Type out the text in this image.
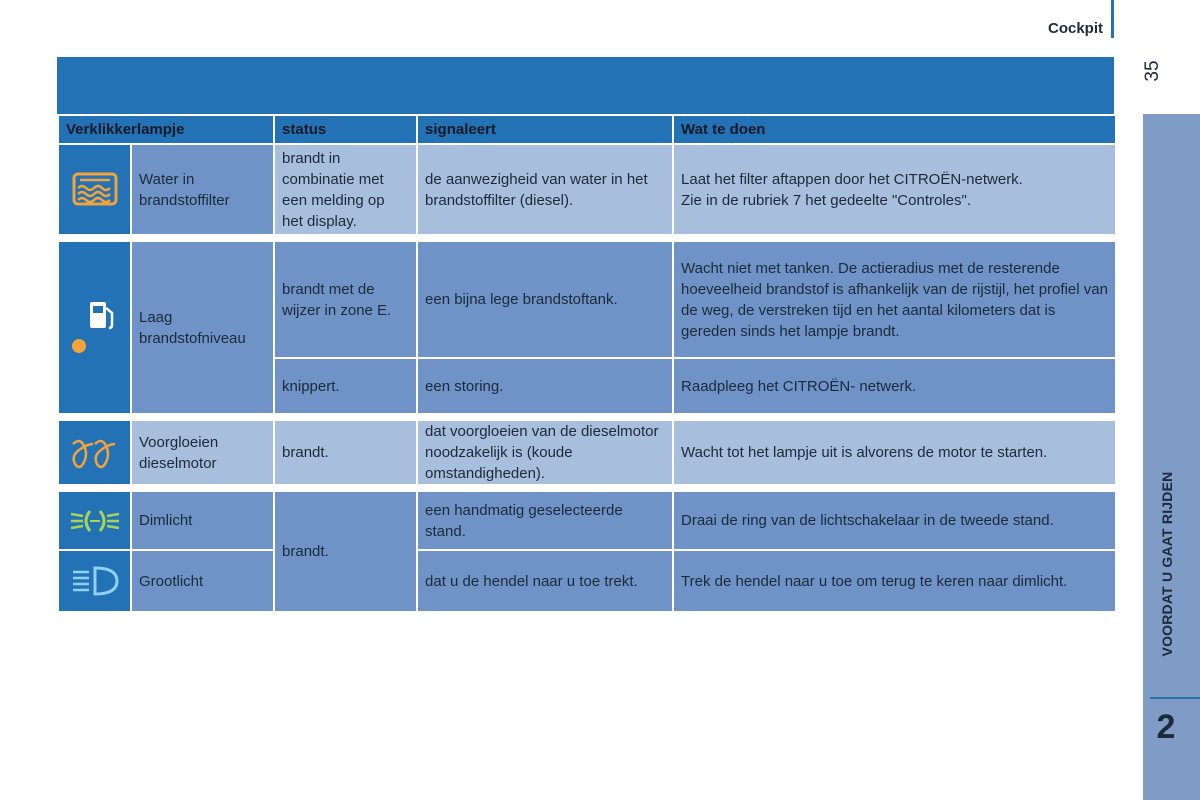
Cockpit
35
VOORDAT U GAAT RIJDEN
2
Verklikkerlampje		status	signaleert	Wat te doen

	Water in brandstoffilter	brandt in combinatie met een melding op het display.	de aanwezigheid van water in het brandstoffilter (diesel).	Laat het filter aftappen door het CITROËN-netwerk.
Zie in de rubriek 7 het gedeelte "Controles".

	Laag brandstofniveau	brandt met de wijzer in zone E.	een bijna lege brandstoftank.	Wacht niet met tanken. De actieradius met de resterende hoeveelheid brandstof is afhankelijk van de rijstijl, het profiel van de weg, de verstreken tijd en het aantal kilometers dat is gereden sinds het lampje brandt.
		knippert.	een storing.	Raadpleeg het CITROËN- netwerk.

	Voorgloeien dieselmotor	brandt.	dat voorgloeien van de dieselmotor noodzakelijk is (koude omstandigheden).	Wacht tot het lampje uit is alvorens de motor te starten.

	Dimlicht	brandt.	een handmatig geselecteerde stand.	Draai de ring van de lichtschakelaar in de tweede stand.

	Grootlicht		dat u de hendel naar u toe trekt.	Trek de hendel naar u toe om terug te keren naar dimlicht.
